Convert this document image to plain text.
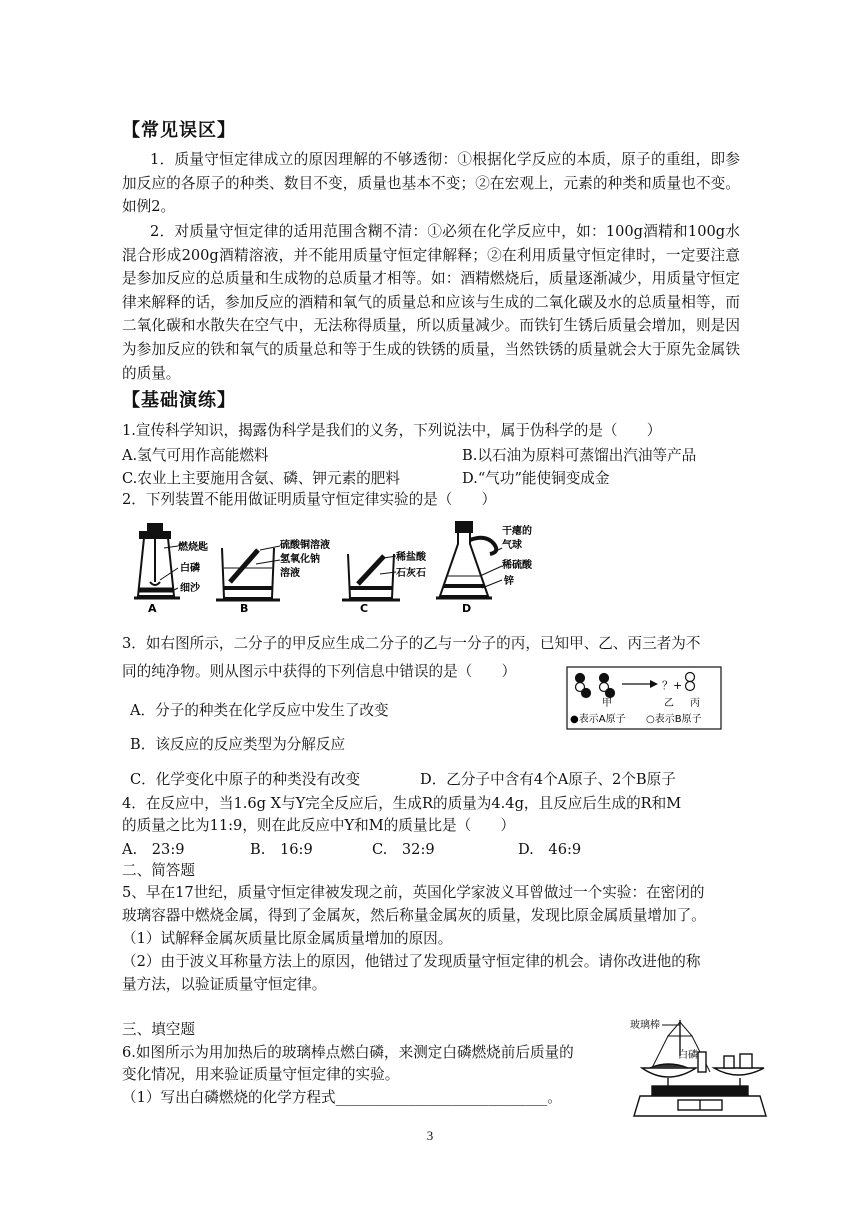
【常见误区】
1．质量守恒定律成立的原因理解的不够透彻：①根据化学反应的本质，原子的重组，即参加反应的各原子的种类、数目不变，质量也基本不变；②在宏观上，元素的种类和质量也不变。如例2。
2．对质量守恒定律的适用范围含糊不清：①必须在化学反应中，如：100g酒精和100g水混合形成200g酒精溶液，并不能用质量守恒定律解释；②在利用质量守恒定律时，一定要注意是参加反应的总质量和生成物的总质量才相等。如：酒精燃烧后，质量逐渐减少，用质量守恒定律来解释的话，参加反应的酒精和氧气的质量总和应该与生成的二氧化碳及水的总质量相等，而二氧化碳和水散失在空气中，无法称得质量，所以质量减少。而铁钉生锈后质量会增加，则是因为参加反应的铁和氧气的质量总和等于生成的铁锈的质量，当然铁锈的质量就会大于原先金属铁的质量。
【基础演练】
1.宣传科学知识，揭露伪科学是我们的义务，下列说法中，属于伪科学的是（　　）
A.氢气可用作高能燃料	B.以石油为原料可蒸馏出汽油等产品
C.农业上主要施用含氨、磷、钾元素的肥料	D.“气功”能使铜变成金
2．下列装置不能用做证明质量守恒定律实验的是（　　）
燃烧匙
白磷
细沙
A
硫酸铜溶液
氢氧化钠
溶液
B
稀盐酸
石灰石
C
干瘪的
气球
稀硫酸
锌
D
3．如右图所示，二分子的甲反应生成二分子的乙与一分子的丙，已知甲、乙、丙三者为不
同的纯净物。则从图示中获得的下列信息中错误的是（　　）
A．分子的种类在化学反应中发生了改变
B．该反应的反应类型为分解反应
C．化学变化中原子的种类没有改变	D．乙分子中含有4个A原子、2个B原子
？+
甲	乙 丙
●表示A原子 ○表示B原子
4．在反应中，当1.6g X与Y完全反应后，生成R的质量为4.4g，且反应后生成的R和M
的质量之比为11:9，则在此反应中Y和M的质量比是（　　）
A.　23:9	B.　16:9	C.　32:9	D.　46:9
二、简答题
5、早在17世纪，质量守恒定律被发现之前，英国化学家波义耳曾做过一个实验：在密闭的
玻璃容器中燃烧金属，得到了金属灰，然后称量金属灰的质量，发现比原金属质量增加了。
（1）试解释金属灰质量比原金属质量增加的原因。
（2）由于波义耳称量方法上的原因，他错过了发现质量守恒定律的机会。请你改进他的称
量方法，以验证质量守恒定律。
三、填空题
6.如图所示为用加热后的玻璃棒点燃白磷，来测定白磷燃烧前后质量的
变化情况，用来验证质量守恒定律的实验。
（1）写出白磷燃烧的化学方程式_____________________________。
玻璃棒
白磷
3
